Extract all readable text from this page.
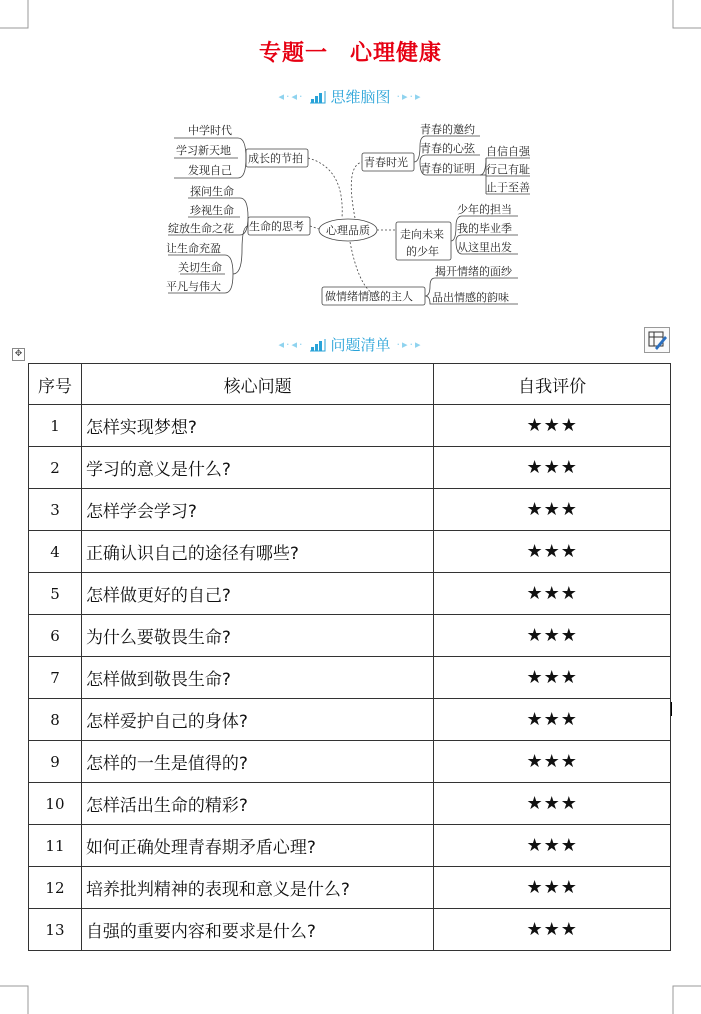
专题一 心理健康
◂·◂· 思维脑图 ·▸·▸
中学时代
学习新天地
发现自己
成长的节拍
探问生命
珍视生命
绽放生命之花
让生命充盈
关切生命
平凡与伟大
生命的思考 心理品质
青春时光
青春的邀约
青春的心弦
青春的证明
自信自强
行己有耻
止于至善
走向未来
的少年
少年的担当
我的毕业季
从这里出发
做情绪情感的主人
揭开情绪的面纱
品出情感的韵味
◂·◂· 问题清单 ·▸·▸
✥
序号	核心问题	自我评价
1	怎样实现梦想?	★★★
2	学习的意义是什么?	★★★
3	怎样学会学习?	★★★
4	正确认识自己的途径有哪些?	★★★
5	怎样做更好的自己?	★★★
6	为什么要敬畏生命?	★★★
7	怎样做到敬畏生命?	★★★
8	怎样爱护自己的身体?	★★★
9	怎样的一生是值得的?	★★★
10	怎样活出生命的精彩?	★★★
11	如何正确处理青春期矛盾心理?	★★★
12	培养批判精神的表现和意义是什么?	★★★
13	自强的重要内容和要求是什么?	★★★
